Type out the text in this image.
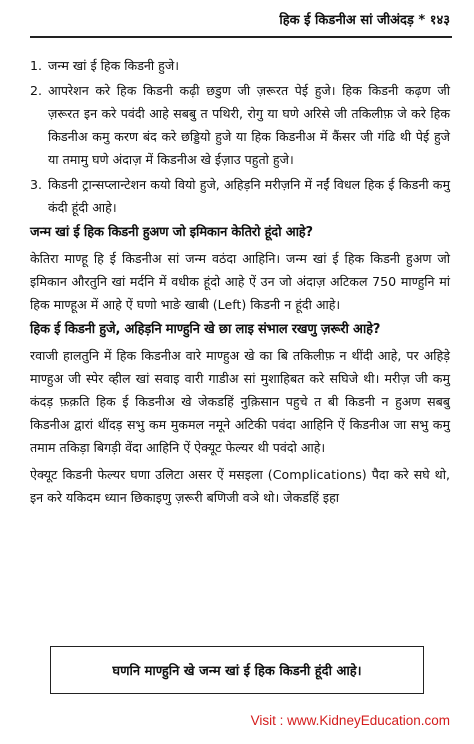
हिक ई किडनीअ सां जीअंदड़ * १४३
1. जन्म खां ई हिक किडनी हुजे।

2. आपरेशन करे हिक किडनी कढ़ी छडुण जी ज़रूरत पेई हुजे। हिक किडनी कढ़ण जी ज़रूरत इन करे पवंदी आहे सबबु त पथिरी, रोगु या घणे अरिसे जी तकिलीफ़ जे करे हिक किडनीअ कमु करण बंद करे छड्डियो हुजे या हिक किडनीअ में कैंसर जी गंढि थी पेई हुजे या तमामु घणे अंदाज़ में किडनीअ खे ईज़ाउ पहुतो हुजे।

3. किडनी ट्रान्सप्लान्टेशन कयो वियो हुजे, अहिड़नि मरीज़नि में नईं विधल हिक ई किडनी कमु कंदी हूंदी आहे।

जन्म खां ई हिक किडनी हुअण जो इमिकान केतिरो हूंदो आहे?

केतिरा माण्हू हि ई किडनीअ सां जन्म वठंदा आहिनि। जन्म खां ई हिक किडनी हुअण जो इमिकान औरतुनि खां मर्दनि में वधीक हूंदो आहे ऐं उन जो अंदाज़ अटिकल 750 माण्हुनि मां हिक माण्हूअ में आहे ऐं घणो भाङे खाबी (Left) किडनी न हूंदी आहे।

हिक ई किडनी हुजे, अहिड़नि माण्हुनि खे छा लाइ संभाल रखणु ज़रूरी आहे?

रवाजी हालतुनि में हिक किडनीअ वारे माण्हुअ खे का बि तकिलीफ़ न थींदी आहे, पर अहिड़े माण्हुअ जी स्पेर व्हील खां सवाइ वारी गाडीअ सां मुशाहिबत करे सघिजे थी। मरीज़ जी कमु कंदड़ फ़क़ति हिक ई किडनीअ खे जेकडहिं नुक़िसान पहुचे त बी किडनी न हुअण सबबु किडनीअ द्वारां थींदड़ सभु कम मुकमल नमूने अटिकी पवंदा आहिनि ऐं किडनीअ जा सभु कमु तमाम तकिड़ा बिगड़ी वेंदा आहिनि ऐं ऐक्यूट फेल्यर थी पवंदो आहे।

ऐक्यूट किडनी फेल्यर घणा उलिटा असर ऐं मसइला (Complications) पैदा करे सघे थो, इन करे यकिदम ध्यान छिकाइणु ज़रूरी बणिजी वञे थो। जेकडहिं इहा

घणनि माण्हुनि खे जन्म खां ई हिक किडनी हूंदी आहे।
Visit : www.KidneyEducation.com
